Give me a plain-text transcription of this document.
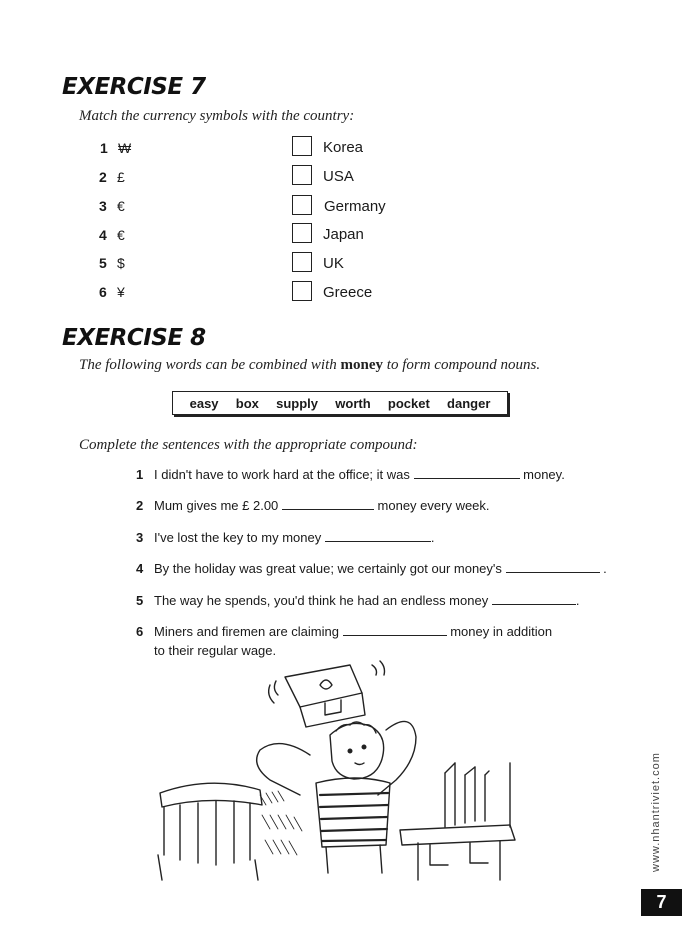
EXERCISE 7
Match the currency symbols with the country:
1 ₩	Korea
2 £	USA
3 €	Germany
4 €	Japan
5 $	UK
6 ¥	Greece
EXERCISE 8
The following words can be combined with money to form compound nouns.
easy box supply worth pocket danger
Complete the sentences with the appropriate compound:
1 I didn't have to work hard at the office; it was	money.
2 Mum gives me £ 2.00	money every week.
3 I've lost the key to my money	.
4 By the holiday was great value; we certainly got our money's	.
5 The way he spends, you'd think he had an endless money	.
6 Miners and firemen are claiming	money in addition
to their regular wage.
www.nhantriviet.com
7
